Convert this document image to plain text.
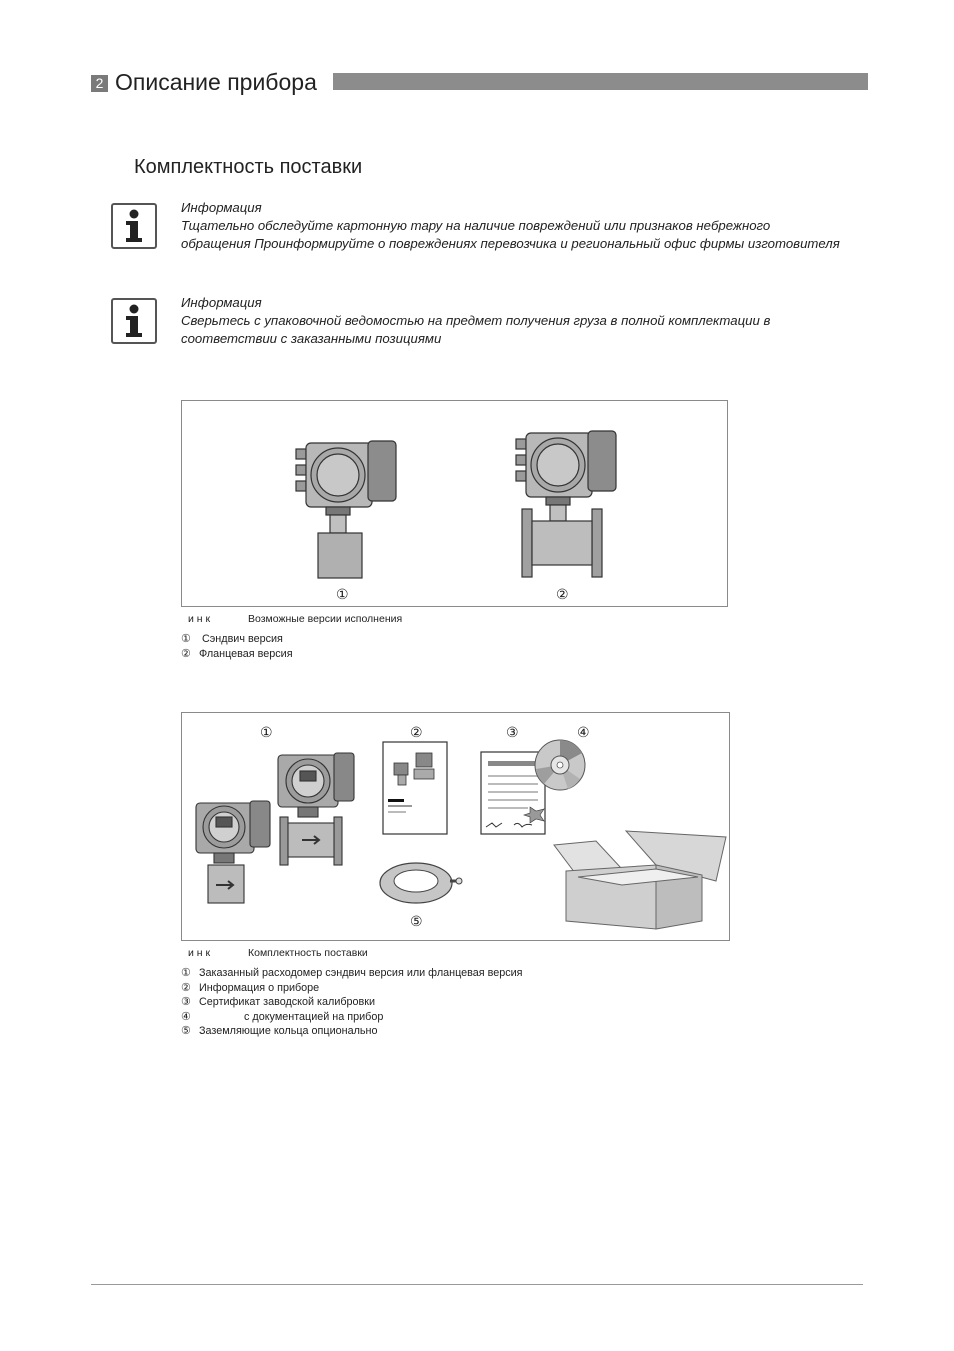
2 Описание прибора
Комплектность поставки
Информация
Тщательно обследуйте картонную тару на наличие повреждений или признаков небрежного обращения Проинформируйте о повреждениях перевозчика и региональный офис фирмы изготовителя
Информация
Сверьтесь с упаковочной ведомостью на предмет получения груза в полной комплектации в соответствии с заказанными позициями
①	②
и н к	Возможные версии исполнения
① Сэндвич версия
② Фланцевая версия
①	②	③	④
⑤
и н к	Комплектность поставки
① Заказанный расходомер сэндвич версия или фланцевая версия
② Информация о приборе
③ Сертификат заводской калибровки
④               с документацией на прибор
⑤ Заземляющие кольца опционально
